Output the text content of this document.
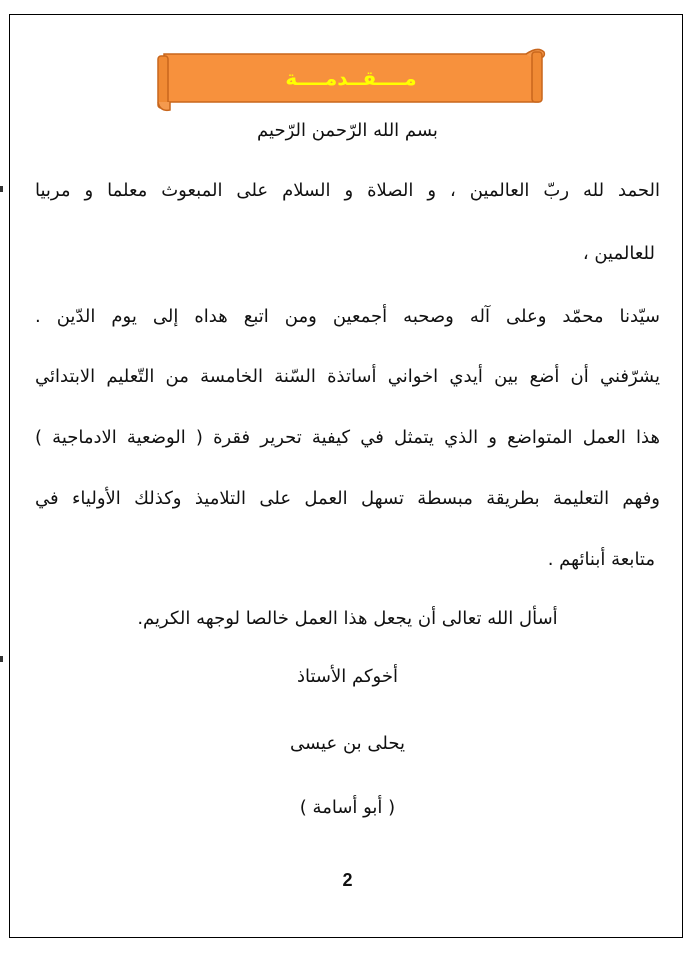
مــــقــدمــــة
بسم الله الرّحمن الرّحيم
الحمد لله ربّ العالمين ، و الصلاة و السلام على المبعوث معلما و مربيا
للعالمين ،
سيّدنا محمّد وعلى آله وصحبه أجمعين ومن اتبع هداه إلى يوم الدّين .
يشرّفني أن أضع بين أيدي اخواني أساتذة السّنة الخامسة من التّعليم الابتدائي
هذا العمل المتواضع و الذي يتمثل في كيفية تحرير فقرة ( الوضعية الادماجية )
وفهم التعليمة بطريقة مبسطة تسهل العمل على التلاميذ وكذلك الأولياء في
متابعة أبنائهم .
أسأل الله تعالى أن يجعل هذا العمل خالصا لوجهه الكريم.
أخوكم الأستاذ
يحلى بن عيسى
( أبو أسامة )
2
